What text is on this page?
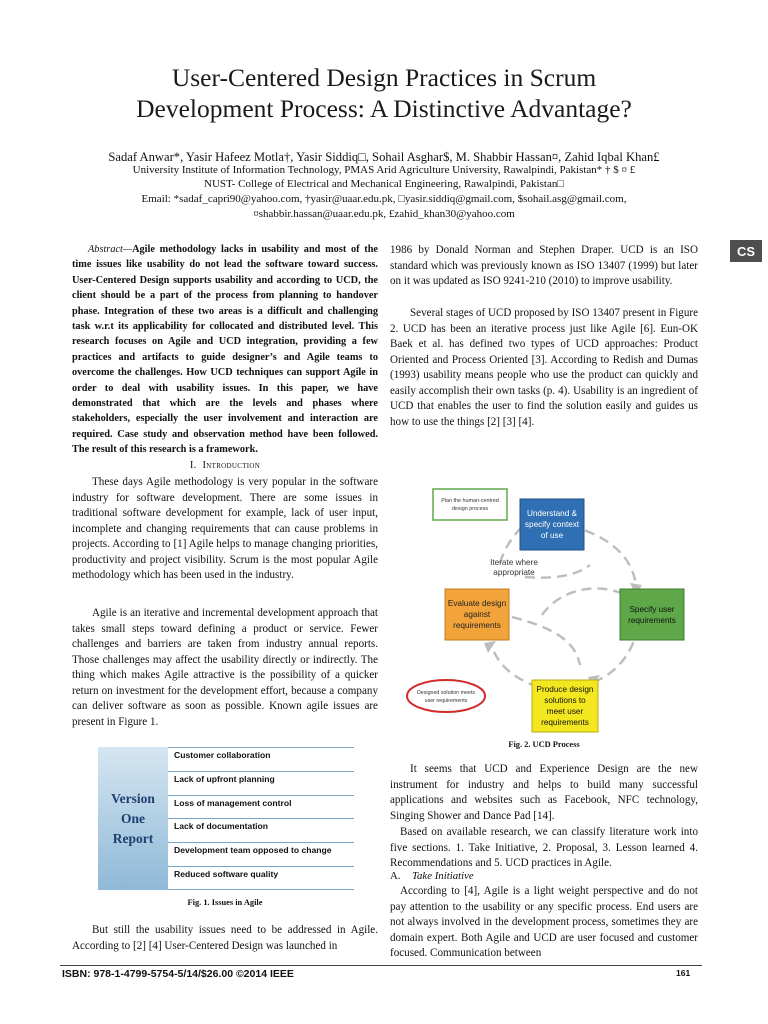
User-Centered Design Practices in Scrum
Development Process: A Distinctive Advantage?
Sadaf Anwar*, Yasir Hafeez Motla†, Yasir Siddiq□, Sohail Asghar$, M. Shabbir Hassan¤, Zahid Iqbal Khan£
University Institute of Information Technology, PMAS Arid Agriculture University, Rawalpindi, Pakistan* † $ ¤ £
NUST- College of Electrical and Mechanical Engineering, Rawalpindi, Pakistan□
Email: *sadaf_capri90@yahoo.com, †yasir@uaar.edu.pk, □yasir.siddiq@gmail.com, $sohail.asg@gmail.com,
¤shabbir.hassan@uaar.edu.pk, £zahid_khan30@yahoo.com
CS
Abstract—Agile methodology lacks in usability and most of the time issues like usability do not lead the software toward success. User-Centered Design supports usability and according to UCD, the client should be a part of the process from planning to handover phase. Integration of these two areas is a difficult and challenging task w.r.t its applicability for collocated and distributed level. This research focuses on Agile and UCD integration, providing a few practices and artifacts to guide designer’s and Agile teams to overcome the challenges. How UCD techniques can support Agile in order to deal with usability issues. In this paper, we have demonstrated that which are the levels and phases where stakeholders, especially the user involvement and interaction are required. Case study and observation method have been followed. The result of this research is a framework.
I. Introduction
These days Agile methodology is very popular in the software industry for software development. There are some issues in traditional software development for example, lack of user input, incomplete and changing requirements that can cause problems in projects. According to [1] Agile helps to manage changing priorities, productivity and project visibility. Scrum is the most popular Agile methodology which has been used in the industry.
Agile is an iterative and incremental development approach that takes small steps toward defining a product or service. Fewer challenges and barriers are taken from industry annual reports. Those challenges may affect the usability directly or indirectly. The thing which makes Agile attractive is the possibility of a quicker return on investment for the development effort, because a company can deliver software as soon as possible. Known agile issues are present in Figure 1.
Version
One
Report
Customer collaboration
Lack of upfront planning
Loss of management control
Lack of documentation
Development team opposed to change
Reduced software quality
Fig. 1. Issues in Agile
But still the usability issues need to be addressed in Agile. According to [2] [4] User-Centered Design was launched in
1986 by Donald Norman and Stephen Draper. UCD is an ISO standard which was previously known as ISO 13407 (1999) but later on it was updated as ISO 9241-210 (2010) to improve usability.
Several stages of UCD proposed by ISO 13407 present in Figure 2. UCD has been an iterative process just like Agile [6]. Eun-OK Baek et al. has defined two types of UCD approaches: Product Oriented and Process Oriented [3]. According to Redish and Dumas (1993) usability means people who use the product can quickly and easily accomplish their own tasks (p. 4). Usability is an ingredient of UCD that enables the user to find the solution easily and guides us how to use the things [2] [3] [4].
Plan the human-centred
design process	Understand &
specify context
of use
Iterate where
appropriate
Evaluate design
against
requirements
Specify user
requirements
Designed solution meets
user requirements
Produce design
solutions to
meet user
requirements
Fig. 2. UCD Process
It seems that UCD and Experience Design are the new instrument for industry and helps to build many successful applications and websites such as Facebook, NFC technology, Singing Shower and Dance Pad [14].
Based on available research, we can classify literature work into five sections. 1. Take Initiative, 2. Proposal, 3. Lesson learned 4. Recommendations and 5. UCD practices in Agile.
A. Take Initiative
According to [4], Agile is a light weight perspective and do not pay attention to the usability or any specific process. End users are not always involved in the development process, sometimes they are domain expert. Both Agile and UCD are user focused and customer focused. Communication between
ISBN: 978-1-4799-5754-5/14/$26.00 ©2014 IEEE	161
